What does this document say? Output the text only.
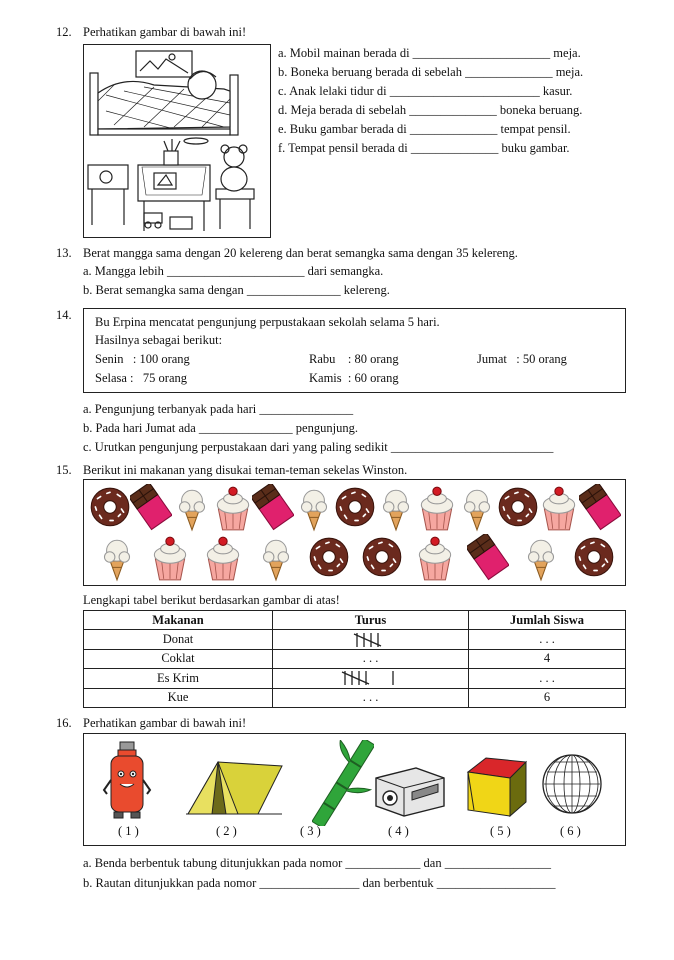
12. Perhatikan gambar di bawah ini!
a. Mobil mainan berada di ______________________ meja.
b. Boneka beruang berada di sebelah ______________ meja.
c. Anak lelaki tidur di ________________________ kasur.
d. Meja berada di sebelah ______________ boneka beruang.
e. Buku gambar berada di ______________ tempat pensil.
f. Tempat pensil berada di ______________ buku gambar.
13. Berat mangga sama dengan 20 kelereng dan berat semangka sama dengan 35 kelereng.
a. Mangga lebih ______________________ dari semangka.
b. Berat semangka sama dengan _______________ kelereng.
14. Bu Erpina mencatat pengunjung perpustakaan sekolah selama 5 hari.
Hasilnya sebagai berikut:
Senin   : 100 orang	Rabu    : 80 orang	Jumat   : 50 orang
Selasa :   75 orang	Kamis  : 60 orang
a. Pengunjung terbanyak pada hari _______________
b. Pada hari Jumat ada _______________ pengunjung.
c. Urutkan pengunjung perpustakaan dari yang paling sedikit __________________________
15. Berikut ini makanan yang disukai teman-teman sekelas Winston.
Lengkapi tabel berikut berdasarkan gambar di atas!
Makanan	Turus	Jumlah Siswa
Donat		. . .
Coklat	. . .	4
Es Krim		. . .
Kue	. . .	6
16. Perhatikan gambar di bawah ini!
( 1 )	( 2 )	( 3 )	( 4 )	( 5 )	( 6 )
a. Benda berbentuk tabung ditunjukkan pada nomor ____________ dan _________________
b. Rautan ditunjukkan pada nomor ________________ dan berbentuk ___________________
